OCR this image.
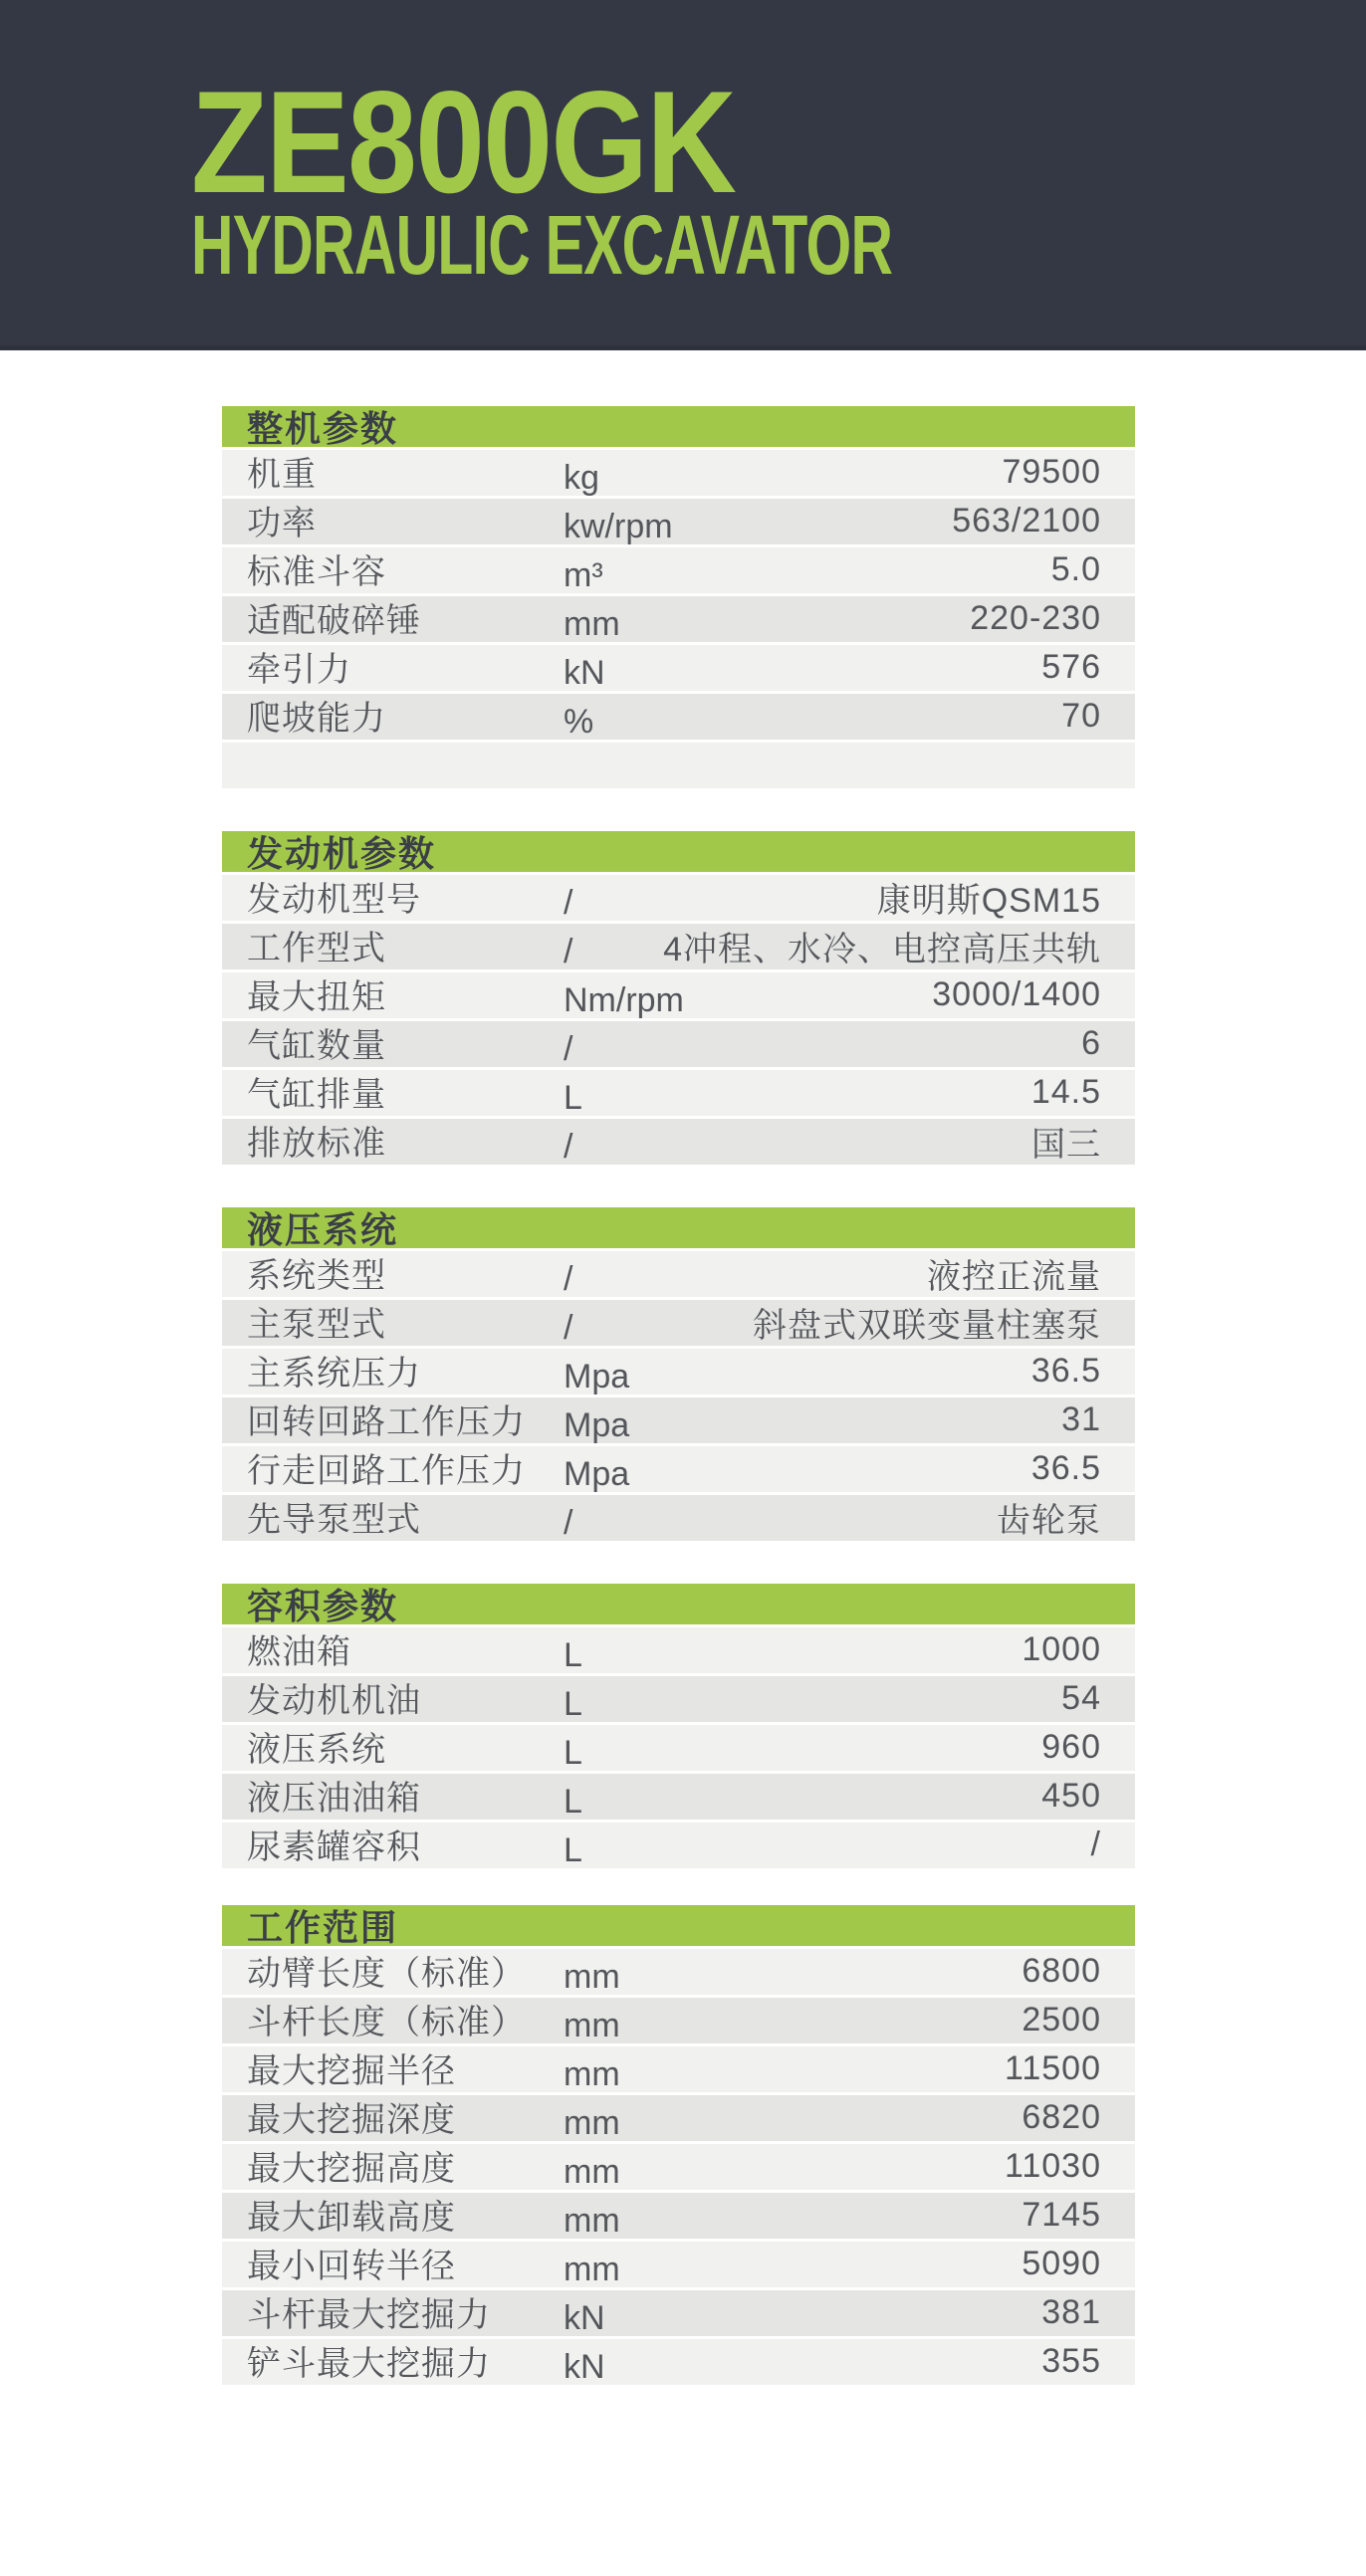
ZE800GK
HYDRAULIC EXCAVATOR
整机参数
机重	kg	79500
功率	kw/rpm	563/2100
标准斗容	m³	5.0
适配破碎锤	mm	220-230
牵引力	kN	576
爬坡能力	%	70
发动机参数
发动机型号	/	康明斯QSM15
工作型式	/	4冲程、水冷、电控高压共轨
最大扭矩	Nm/rpm	3000/1400
气缸数量	/	6
气缸排量	L	14.5
排放标准	/	国三
液压系统
系统类型	/	液控正流量
主泵型式	/	斜盘式双联变量柱塞泵
主系统压力	Mpa	36.5
回转回路工作压力	Mpa	31
行走回路工作压力	Mpa	36.5
先导泵型式	/	齿轮泵
容积参数
燃油箱	L	1000
发动机机油	L	54
液压系统	L	960
液压油油箱	L	450
尿素罐容积	L	/
工作范围
动臂长度（标准）	mm	6800
斗杆长度（标准）	mm	2500
最大挖掘半径	mm	11500
最大挖掘深度	mm	6820
最大挖掘高度	mm	11030
最大卸载高度	mm	7145
最小回转半径	mm	5090
斗杆最大挖掘力	kN	381
铲斗最大挖掘力	kN	355
